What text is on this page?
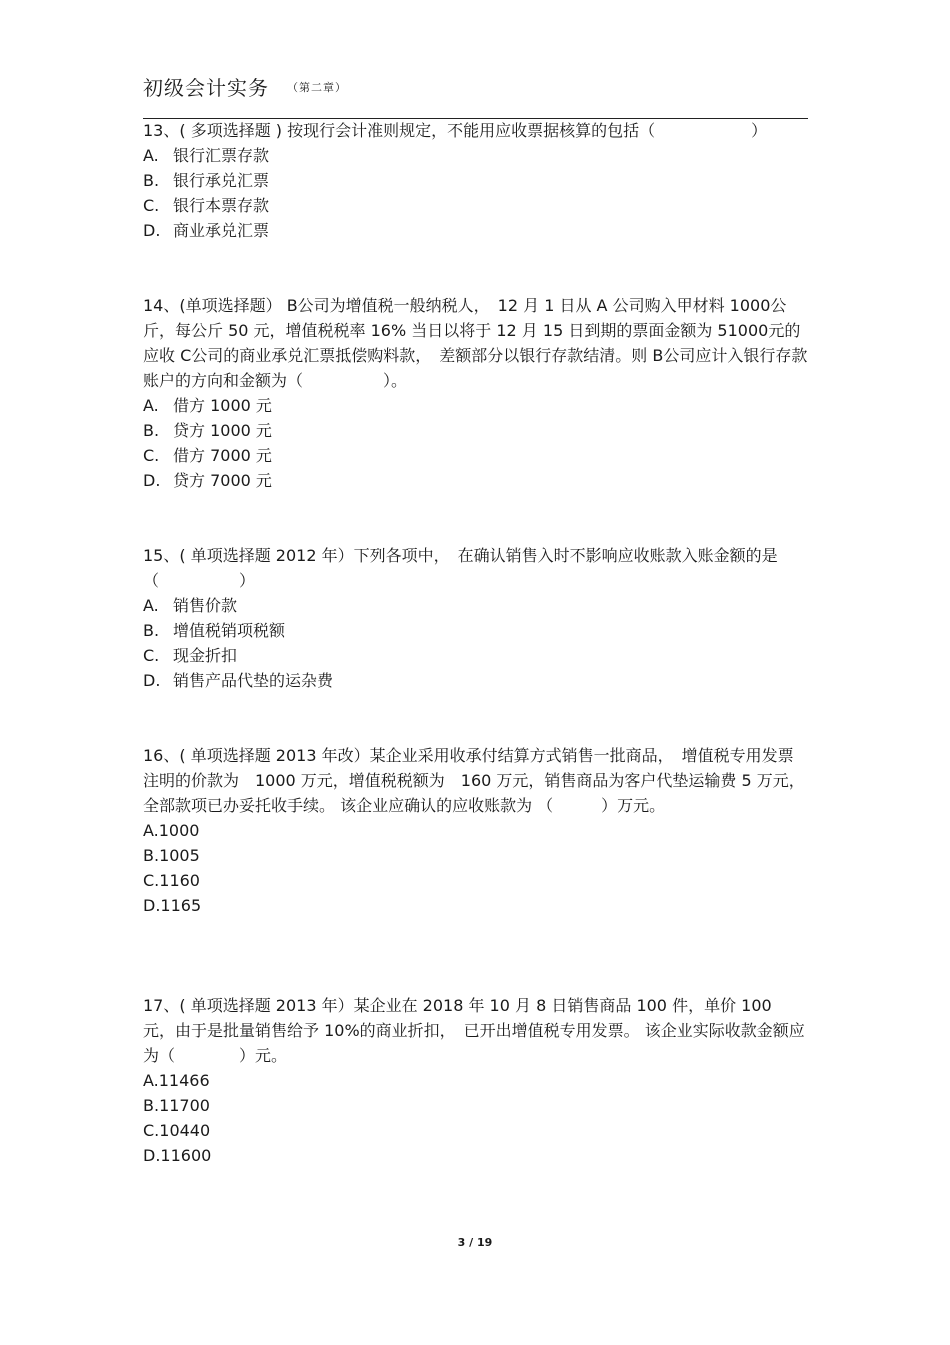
初级会计实务 （第二章）

13、( 多项选择题 ) 按现行会计准则规定，不能用应收票据核算的包括（　　　　　　）

A. 银行汇票存款
B. 银行承兑汇票
C. 银行本票存款
D. 商业承兑汇票

14、(单项选择题） B公司为增值税一般纳税人，　12 月 1 日从 A 公司购入甲材料 1000公斤，每公斤 50 元，增值税税率 16% 当日以将于 12 月 15 日到期的票面金额为 51000元的应收 C公司的商业承兑汇票抵偿购料款，　差额部分以银行存款结清。则 B公司应计入银行存款账户的方向和金额为（　　　　　）。

A. 借方 1000 元
B. 贷方 1000 元
C. 借方 7000 元
D. 贷方 7000 元

15、( 单项选择题 2012 年）下列各项中，　在确认销售入时不影响应收账款入账金额的是（　　　　　）

A. 销售价款
B. 增值税销项税额
C. 现金折扣
D. 销售产品代垫的运杂费

16、( 单项选择题 2013 年改）某企业采用收承付结算方式销售一批商品，　增值税专用发票注明的价款为　1000 万元，增值税税额为　160 万元，销售商品为客户代垫运输费 5 万元，全部款项已办妥托收手续。 该企业应确认的应收账款为 （　　　）万元。

A.1000
B.1005
C.1160
D.1165

17、( 单项选择题 2013 年）某企业在 2018 年 10 月 8 日销售商品 100 件，单价 100 元，由于是批量销售给予 10%的商业折扣，　已开出增值税专用发票。 该企业实际收款金额应为（　　　　）元。

A.11466
B.11700
C.10440
D.11600
3 / 19
